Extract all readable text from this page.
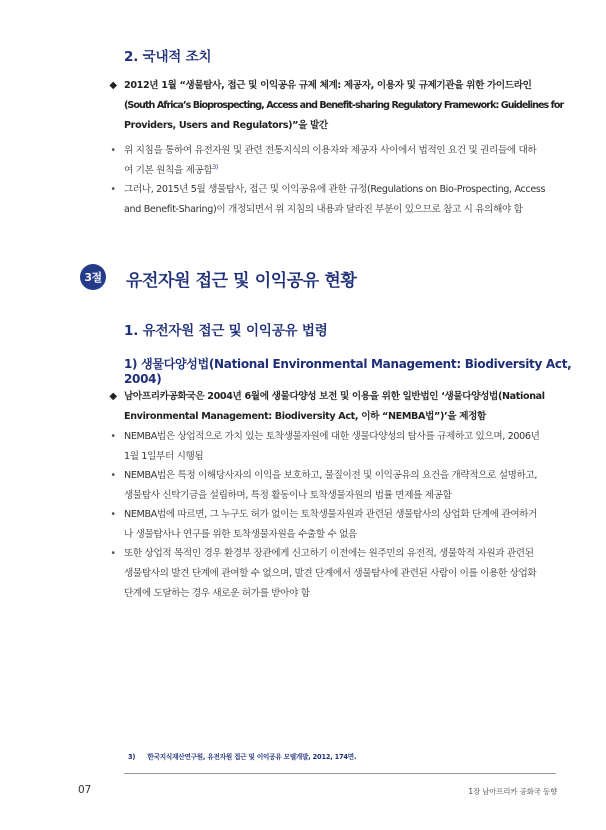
2. 국내적 조치
◆ 2012년 1월 “생물탐사, 접근 및 이익공유 규제 체계: 제공자, 이용자 및 규제기관을 위한 가이드라인
(South Africa’s Bioprospecting, Access and Benefit-sharing Regulatory Framework: Guidelines for
Providers, Users and Regulators)”을 발간
• 위 지침을 통하여 유전자원 및 관련 전통지식의 이용자와 제공자 사이에서 법적인 요건 및 권리들에 대하
여 기본 원칙을 제공함$^{3)}$
• 그러나, 2015년 5월 생물탐사, 접근 및 이익공유에 관한 규정(Regulations on Bio-Prospecting, Access
and Benefit-Sharing)이 개정되면서 위 지침의 내용과 달라진 부분이 있으므로 참고 시 유의해야 함
3절 유전자원 접근 및 이익공유 현황
1. 유전자원 접근 및 이익공유 법령
1) 생물다양성법(National Environmental Management: Biodiversity Act, 2004)
◆ 남아프리카공화국은 2004년 6월에 생물다양성 보전 및 이용을 위한 일반법인 ‘생물다양성법(National
Environmental Management: Biodiversity Act, 이하 “NEMBA법”)’을 제정함
• NEMBA법은 상업적으로 가치 있는 토착생물자원에 대한 생물다양성의 탐사를 규제하고 있으며, 2006년
1월 1일부터 시행됨
• NEMBA법은 특정 이해당사자의 이익을 보호하고, 물질이전 및 이익공유의 요건을 개략적으로 설명하고,
생물탐사 신탁기금을 설립하며, 특정 활동이나 토착생물자원의 법률 면제를 제공함
• NEMBA법에 따르면, 그 누구도 허가 없이는 토착생물자원과 관련된 생물탐사의 상업화 단계에 관여하거
나 생물탐사나 연구를 위한 토착생물자원을 수출할 수 없음
• 또한 상업적 목적인 경우 환경부 장관에게 신고하기 이전에는 원주민의 유전적, 생물학적 자원과 관련된
생물탐사의 발견 단계에 관여할 수 없으며, 발견 단계에서 생물탐사에 관련된 사람이 이를 이용한 상업화
단계에 도달하는 경우 새로운 허가를 받아야 함
3) 한국지식재산연구원, 유전자원 접근 및 이익공유 모델개발, 2012, 174면.
07	1장 남아프리카 공화국 동향
